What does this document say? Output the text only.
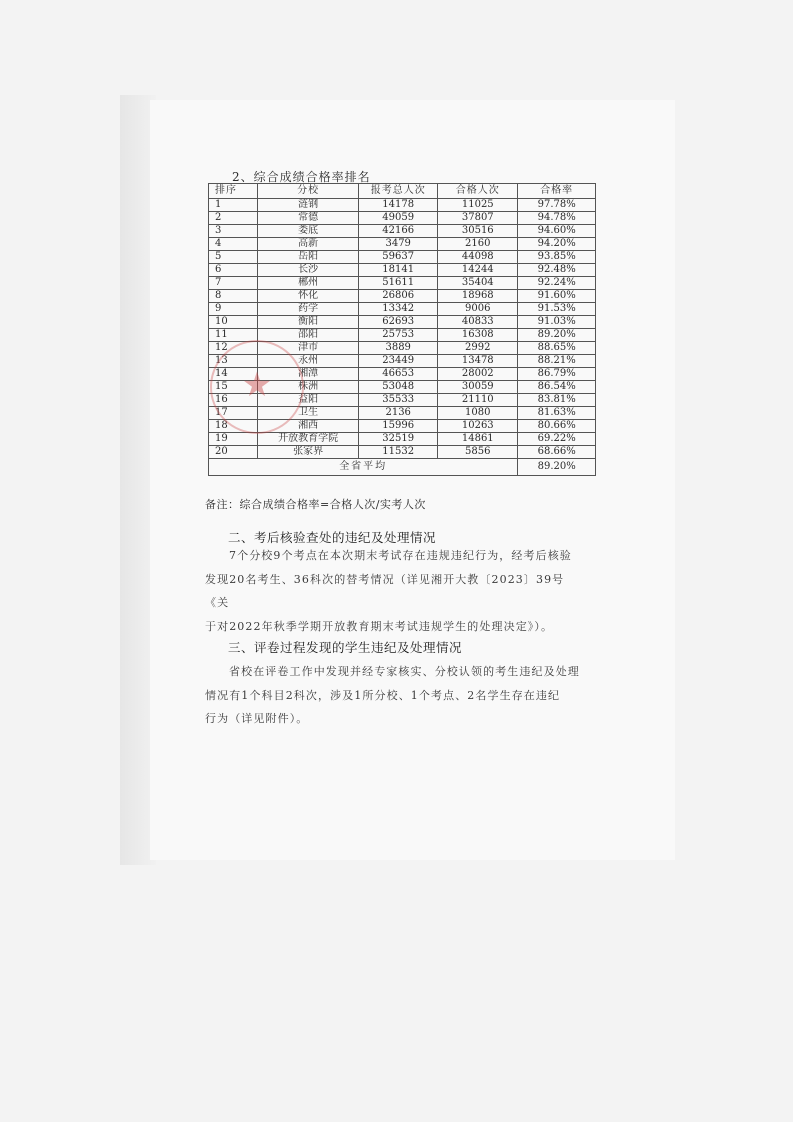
2、综合成绩合格率排名
排序	分校	报考总人次	合格人次	合格率
1	涟钢	14178	11025	97.78%
2	常德	49059	37807	94.78%
3	娄底	42166	30516	94.60%
4	高新	3479	2160	94.20%
5	岳阳	59637	44098	93.85%
6	长沙	18141	14244	92.48%
7	郴州	51611	35404	92.24%
8	怀化	26806	18968	91.60%
9	药学	13342	9006	91.53%
10	衡阳	62693	40833	91.03%
11	邵阳	25753	16308	89.20%
12	津市	3889	2992	88.65%
13	永州	23449	13478	88.21%
14	湘潭	46653	28002	86.79%
15	株洲	53048	30059	86.54%
16	益阳	35533	21110	83.81%
17	卫生	2136	1080	81.63%
18	湘西	15996	10263	80.66%
19	开放教育学院	32519	14861	69.22%
20	张家界	11532	5856	68.66%
全省平均				89.20%
★
备注：综合成绩合格率=合格人次/实考人次
二、考后核验查处的违纪及处理情况
7个分校9个考点在本次期末考试存在违规违纪行为，经考后核验
发现20名考生、36科次的替考情况（详见湘开大教〔2023〕39号《关
于对2022年秋季学期开放教育期末考试违规学生的处理决定》）。
三、评卷过程发现的学生违纪及处理情况
省校在评卷工作中发现并经专家核实、分校认领的考生违纪及处理
情况有1个科目2科次，涉及1所分校、1个考点、2名学生存在违纪
行为（详见附件）。
